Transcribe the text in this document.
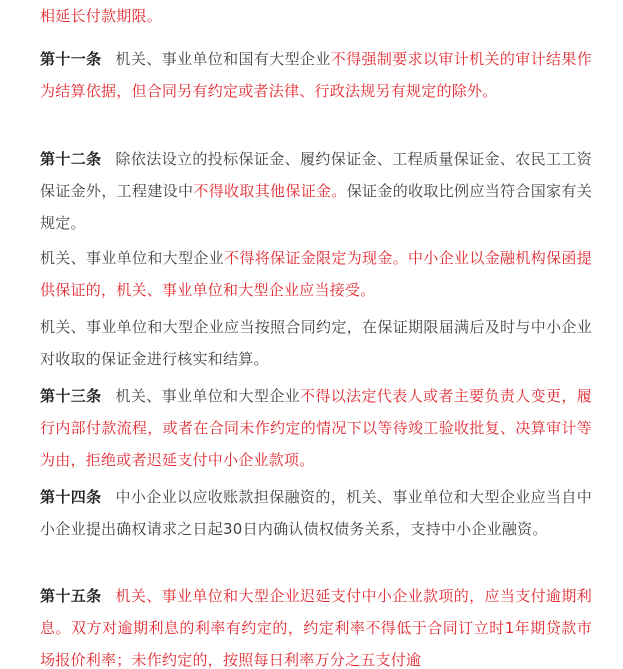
相延长付款期限。

第十一条 机关、事业单位和国有大型企业不得强制要求以审计机关的审计结果作为结算依据，但合同另有约定或者法律、行政法规另有规定的除外。

第十二条 除依法设立的投标保证金、履约保证金、工程质量保证金、农民工工资保证金外，工程建设中不得收取其他保证金。保证金的收取比例应当符合国家有关规定。

机关、事业单位和大型企业不得将保证金限定为现金。中小企业以金融机构保函提供保证的，机关、事业单位和大型企业应当接受。

机关、事业单位和大型企业应当按照合同约定，在保证期限届满后及时与中小企业对收取的保证金进行核实和结算。

第十三条 机关、事业单位和大型企业不得以法定代表人或者主要负责人变更，履行内部付款流程，或者在合同未作约定的情况下以等待竣工验收批复、决算审计等为由，拒绝或者迟延支付中小企业款项。

第十四条 中小企业以应收账款担保融资的，机关、事业单位和大型企业应当自中小企业提出确权请求之日起30日内确认债权债务关系，支持中小企业融资。

第十五条 机关、事业单位和大型企业迟延支付中小企业款项的，应当支付逾期利息。双方对逾期利息的利率有约定的，约定利率不得低于合同订立时1年期贷款市场报价利率；未作约定的，按照每日利率万分之五支付逾
